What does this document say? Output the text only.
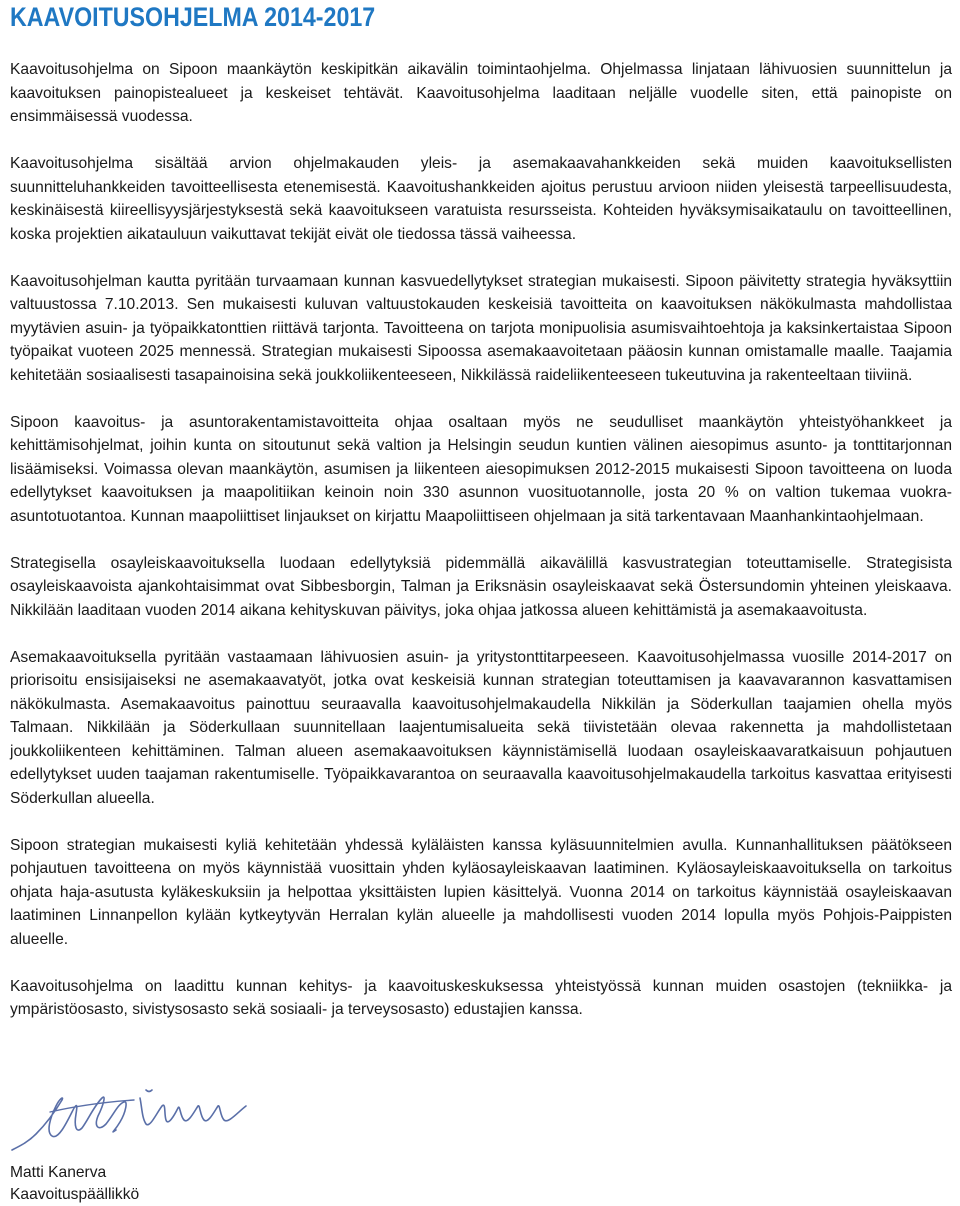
KAAVOITUSOHJELMA 2014-2017

Kaavoitusohjelma on Sipoon maankäytön keskipitkän aikavälin toimintaohjelma. Ohjelmassa linjataan lähivuosien suunnittelun ja kaavoituksen painopistealueet ja keskeiset tehtävät. Kaavoitusohjelma laaditaan neljälle vuodelle siten, että painopiste on ensimmäisessä vuodessa.

Kaavoitusohjelma sisältää arvion ohjelmakauden yleis- ja asemakaavahankkeiden sekä muiden kaavoituksellisten suunnitteluhankkeiden tavoitteellisesta etenemisestä. Kaavoitushankkeiden ajoitus perustuu arvioon niiden yleisestä tarpeellisuudesta, keskinäisestä kiireellisyysjärjestyksestä sekä kaavoitukseen varatuista resursseista. Kohteiden hyväksymisaikataulu on tavoitteellinen, koska projektien aikatauluun vaikuttavat tekijät eivät ole tiedossa tässä vaiheessa.

Kaavoitusohjelman kautta pyritään turvaamaan kunnan kasvuedellytykset strategian mukaisesti. Sipoon päivitetty strategia hyväksyttiin valtuustossa 7.10.2013. Sen mukaisesti kuluvan valtuustokauden keskeisiä tavoitteita on kaavoituksen näkökulmasta mahdollistaa myytävien asuin- ja työpaikkatonttien riittävä tarjonta. Tavoitteena on tarjota monipuolisia asumisvaihtoehtoja ja kaksinkertaistaa Sipoon työpaikat vuoteen 2025 mennessä. Strategian mukaisesti Sipoossa asemakaavoitetaan pääosin kunnan omistamalle maalle. Taajamia kehitetään sosiaalisesti tasapainoisina sekä joukkoliikenteeseen, Nikkilässä raideliikenteeseen tukeutuvina ja rakenteeltaan tiiviinä.

Sipoon kaavoitus- ja asuntorakentamistavoitteita ohjaa osaltaan myös ne seudulliset maankäytön yhteistyöhankkeet ja kehittämisohjelmat, joihin kunta on sitoutunut sekä valtion ja Helsingin seudun kuntien välinen aiesopimus asunto- ja tonttitarjonnan lisäämiseksi. Voimassa olevan maankäytön, asumisen ja liikenteen aiesopimuksen 2012-2015 mukaisesti Sipoon tavoitteena on luoda edellytykset kaavoituksen ja maapolitiikan keinoin noin 330 asunnon vuosituotannolle, josta 20 % on valtion tukemaa vuokra-asuntotuotantoa. Kunnan maapoliittiset linjaukset on kirjattu Maapoliittiseen ohjelmaan ja sitä tarkentavaan Maanhankintaohjelmaan.

Strategisella osayleiskaavoituksella luodaan edellytyksiä pidemmällä aikavälillä kasvustrategian toteuttamiselle. Strategisista osayleiskaavoista ajankohtaisimmat ovat Sibbesborgin, Talman ja Eriksnäsin osayleiskaavat sekä Östersundomin yhteinen yleiskaava. Nikkilään laaditaan vuoden 2014 aikana kehityskuvan päivitys, joka ohjaa jatkossa alueen kehittämistä ja asemakaavoitusta.

Asemakaavoituksella pyritään vastaamaan lähivuosien asuin- ja yritystonttitarpeeseen. Kaavoitusohjelmassa vuosille 2014-2017 on priorisoitu ensisijaiseksi ne asemakaavatyöt, jotka ovat keskeisiä kunnan strategian toteuttamisen ja kaavavarannon kasvattamisen näkökulmasta. Asemakaavoitus painottuu seuraavalla kaavoitusohjelmakaudella Nikkilän ja Söderkullan taajamien ohella myös Talmaan. Nikkilään ja Söderkullaan suunnitellaan laajentumisalueita sekä tiivistetään olevaa rakennetta ja mahdollistetaan joukkoliikenteen kehittäminen. Talman alueen asemakaavoituksen käynnistämisellä luodaan osayleiskaavaratkaisuun pohjautuen edellytykset uuden taajaman rakentumiselle. Työpaikkavarantoa on seuraavalla kaavoitusohjelmakaudella tarkoitus kasvattaa erityisesti Söderkullan alueella.

Sipoon strategian mukaisesti kyliä kehitetään yhdessä kyläläisten kanssa kyläsuunnitelmien avulla. Kunnanhallituksen päätökseen pohjautuen tavoitteena on myös käynnistää vuosittain yhden kyläosayleiskaavan laatiminen. Kyläosayleiskaavoituksella on tarkoitus ohjata haja-asutusta kyläkeskuksiin ja helpottaa yksittäisten lupien käsittelyä. Vuonna 2014 on tarkoitus käynnistää osayleiskaavan laatiminen Linnanpellon kylään kytkeytyvän Herralan kylän alueelle ja mahdollisesti vuoden 2014 lopulla myös Pohjois-Paippisten alueelle.

Kaavoitusohjelma on laadittu kunnan kehitys- ja kaavoituskeskuksessa yhteistyössä kunnan muiden osastojen (tekniikka- ja ympäristöosasto, sivistysosasto sekä sosiaali- ja terveysosasto) edustajien kanssa.

Matti Kanerva
Kaavoituspäällikkö
